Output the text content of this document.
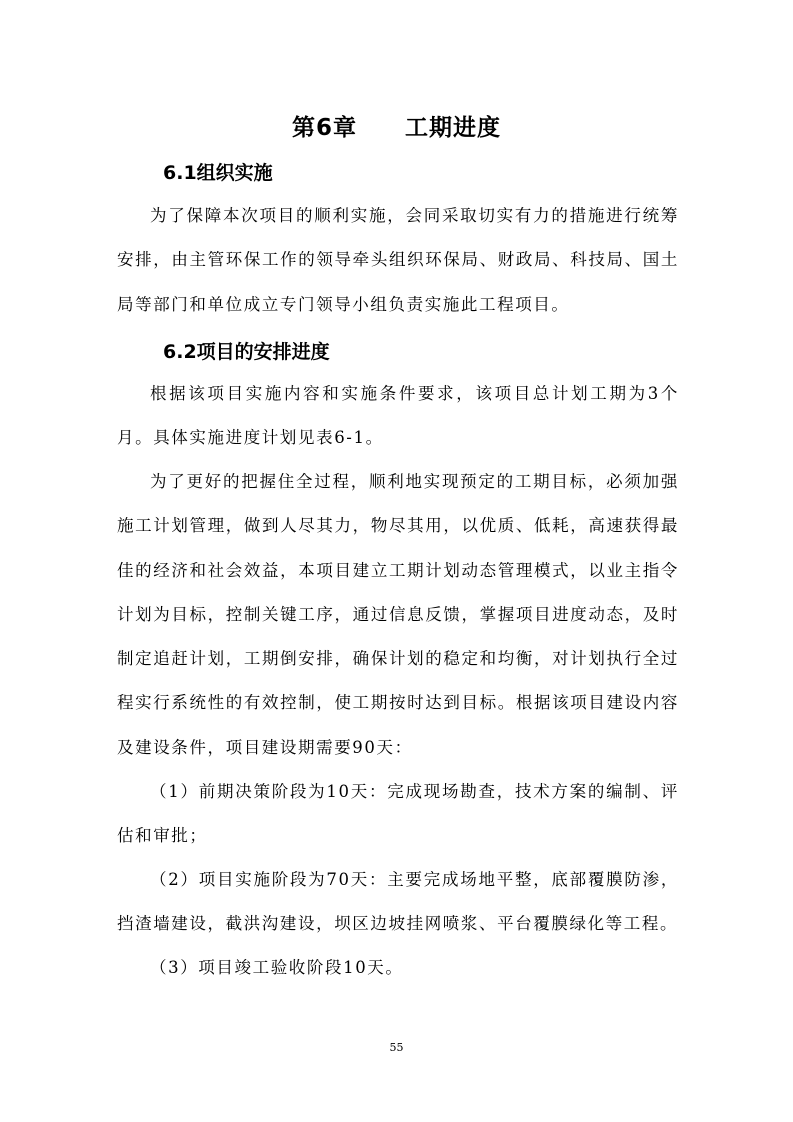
第6章 工期进度
6.1组织实施
为了保障本次项目的顺利实施，会同采取切实有力的措施进行统筹安排，由主管环保工作的领导牵头组织环保局、财政局、科技局、国土局等部门和单位成立专门领导小组负责实施此工程项目。
6.2项目的安排进度
根据该项目实施内容和实施条件要求，该项目总计划工期为3个月。具体实施进度计划见表6-1。
为了更好的把握住全过程，顺利地实现预定的工期目标，必须加强施工计划管理，做到人尽其力，物尽其用，以优质、低耗，高速获得最佳的经济和社会效益，本项目建立工期计划动态管理模式，以业主指令计划为目标，控制关键工序，通过信息反馈，掌握项目进度动态，及时制定追赶计划，工期倒安排，确保计划的稳定和均衡，对计划执行全过程实行系统性的有效控制，使工期按时达到目标。根据该项目建设内容及建设条件，项目建设期需要90天：
（1）前期决策阶段为10天：完成现场勘查，技术方案的编制、评估和审批；
（2）项目实施阶段为70天：主要完成场地平整，底部覆膜防渗，挡渣墙建设，截洪沟建设，坝区边坡挂网喷浆、平台覆膜绿化等工程。
（3）项目竣工验收阶段10天。
55
